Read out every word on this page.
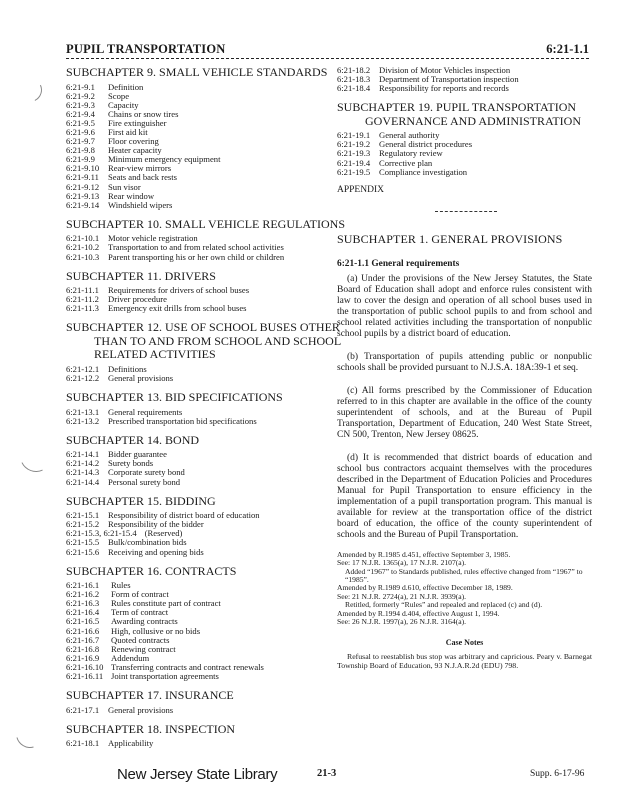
PUPIL TRANSPORTATION	6:21-1.1
SUBCHAPTER 9. SMALL VEHICLE STANDARDS
6:21-9.1	Definition
6:21-9.2	Scope
6:21-9.3	Capacity
6:21-9.4	Chains or snow tires
6:21-9.5	Fire extinguisher
6:21-9.6	First aid kit
6:21-9.7	Floor covering
6:21-9.8	Heater capacity
6:21-9.9	Minimum emergency equipment
6:21-9.10	Rear-view mirrors
6:21-9.11	Seats and back rests
6:21-9.12	Sun visor
6:21-9.13	Rear window
6:21-9.14	Windshield wipers
SUBCHAPTER 10. SMALL VEHICLE REGULATIONS
6:21-10.1	Motor vehicle registration
6:21-10.2	Transportation to and from related school activities
6:21-10.3	Parent transporting his or her own child or children
SUBCHAPTER 11. DRIVERS
6:21-11.1	Requirements for drivers of school buses
6:21-11.2	Driver procedure
6:21-11.3	Emergency exit drills from school buses
SUBCHAPTER 12. USE OF SCHOOL BUSES OTHER
THAN TO AND FROM SCHOOL AND SCHOOL
RELATED ACTIVITIES
6:21-12.1	Definitions
6:21-12.2	General provisions
SUBCHAPTER 13. BID SPECIFICATIONS
6:21-13.1	General requirements
6:21-13.2	Prescribed transportation bid specifications
SUBCHAPTER 14. BOND
6:21-14.1	Bidder guarantee
6:21-14.2	Surety bonds
6:21-14.3	Corporate surety bond
6:21-14.4	Personal surety bond
SUBCHAPTER 15. BIDDING
6:21-15.1	Responsibility of district board of education
6:21-15.2	Responsibility of the bidder
6:21-15.3, 6:21-15.4 (Reserved)
6:21-15.5	Bulk/combination bids
6:21-15.6	Receiving and opening bids
SUBCHAPTER 16. CONTRACTS
6:21-16.1	Rules
6:21-16.2	Form of contract
6:21-16.3	Rules constitute part of contract
6:21-16.4	Term of contract
6:21-16.5	Awarding contracts
6:21-16.6	High, collusive or no bids
6:21-16.7	Quoted contracts
6:21-16.8	Renewing contract
6:21-16.9	Addendum
6:21-16.10 Transferring contracts and contract renewals
6:21-16.11 Joint transportation agreements
SUBCHAPTER 17. INSURANCE
6:21-17.1	General provisions
SUBCHAPTER 18. INSPECTION
6:21-18.1	Applicability
6:21-18.2	Division of Motor Vehicles inspection
6:21-18.3	Department of Transportation inspection
6:21-18.4	Responsibility for reports and records
SUBCHAPTER 19. PUPIL TRANSPORTATION
GOVERNANCE AND ADMINISTRATION
6:21-19.1	General authority
6:21-19.2	General district procedures
6:21-19.3	Regulatory review
6:21-19.4	Corrective plan
6:21-19.5	Compliance investigation
APPENDIX
SUBCHAPTER 1. GENERAL PROVISIONS
6:21-1.1 General requirements
(a) Under the provisions of the New Jersey Statutes, the State Board of Education shall adopt and enforce rules consistent with law to cover the design and operation of all school buses used in the transportation of public school pupils to and from school and school related activities including the transportation of nonpublic school pupils by a district board of education.
(b) Transportation of pupils attending public or nonpublic schools shall be provided pursuant to N.J.S.A. 18A:39-1 et seq.
(c) All forms prescribed by the Commissioner of Education referred to in this chapter are available in the office of the county superintendent of schools, and at the Bureau of Pupil Transportation, Department of Education, 240 West State Street, CN 500, Trenton, New Jersey 08625.
(d) It is recommended that district boards of education and school bus contractors acquaint themselves with the procedures described in the Department of Education Policies and Procedures Manual for Pupil Transportation to ensure efficiency in the implementation of a pupil transportation program. This manual is available for review at the transportation office of the district board of education, the office of the county superintendent of schools and the Bureau of Pupil Transportation.
Amended by R.1985 d.451, effective September 3, 1985.
See: 17 N.J.R. 1365(a), 17 N.J.R. 2107(a).
Added “1967” to Standards published, rules effective changed from “1967” to “1985”.
Amended by R.1989 d.610, effective December 18, 1989.
See: 21 N.J.R. 2724(a), 21 N.J.R. 3939(a).
Retitled, formerly “Rules” and repealed and replaced (c) and (d).
Amended by R.1994 d.404, effective August 1, 1994.
See: 26 N.J.R. 1997(a), 26 N.J.R. 3164(a).
Case Notes
Refusal to reestablish bus stop was arbitrary and capricious. Peary v. Barnegat Township Board of Education, 93 N.J.A.R.2d (EDU) 798.
New Jersey State Library	21-3	Supp. 6-17-96
